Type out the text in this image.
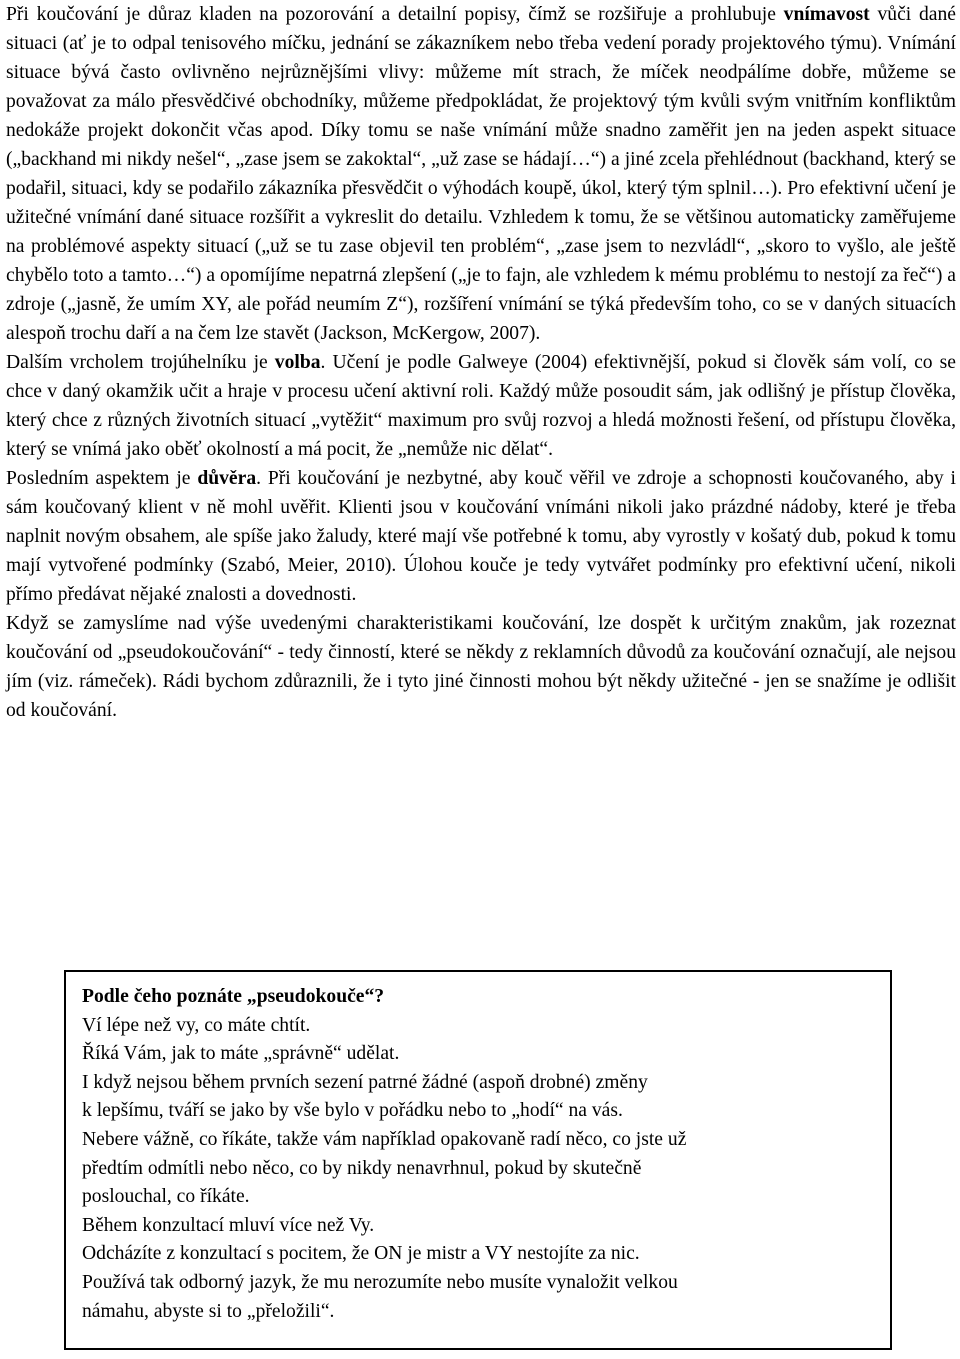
Při koučování je důraz kladen na pozorování a detailní popisy, čímž se rozšiřuje a prohlubuje vnímavost vůči dané situaci (ať je to odpal tenisového míčku, jednání se zákazníkem nebo třeba vedení porady projektového týmu). Vnímání situace bývá často ovlivněno nejrůznějšími vlivy: můžeme mít strach, že míček neodpálíme dobře, můžeme se považovat za málo přesvědčivé obchodníky, můžeme předpokládat, že projektový tým kvůli svým vnitřním konfliktům nedokáže projekt dokončit včas apod. Díky tomu se naše vnímání může snadno zaměřit jen na jeden aspekt situace („backhand mi nikdy nešel“, „zase jsem se zakoktal“, „už zase se hádají…“) a jiné zcela přehlédnout (backhand, který se podařil, situaci, kdy se podařilo zákazníka přesvědčit o výhodách koupě, úkol, který tým splnil…). Pro efektivní učení je užitečné vnímání dané situace rozšířit a vykreslit do detailu. Vzhledem k tomu, že se většinou automaticky zaměřujeme na problémové aspekty situací („už se tu zase objevil ten problém“, „zase jsem to nezvládl“, „skoro to vyšlo, ale ještě chybělo toto a tamto…“) a opomíjíme nepatrná zlepšení („je to fajn, ale vzhledem k mému problému to nestojí za řeč“) a zdroje („jasně, že umím XY, ale pořád neumím Z“), rozšíření vnímání se týká především toho, co se v daných situacích alespoň trochu daří a na čem lze stavět (Jackson, McKergow, 2007).

Dalším vrcholem trojúhelníku je volba. Učení je podle Galweye (2004) efektivnější, pokud si člověk sám volí, co se chce v daný okamžik učit a hraje v procesu učení aktivní roli. Každý může posoudit sám, jak odlišný je přístup člověka, který chce z různých životních situací „vytěžit“ maximum pro svůj rozvoj a hledá možnosti řešení, od přístupu člověka, který se vnímá jako oběť okolností a má pocit, že „nemůže nic dělat“.

Posledním aspektem je důvěra. Při koučování je nezbytné, aby kouč věřil ve zdroje a schopnosti koučovaného, aby i sám koučovaný klient v ně mohl uvěřit. Klienti jsou v koučování vnímáni nikoli jako prázdné nádoby, které je třeba naplnit novým obsahem, ale spíše jako žaludy, které mají vše potřebné k tomu, aby vyrostly v košatý dub, pokud k tomu mají vytvořené podmínky (Szabó, Meier, 2010). Úlohou kouče je tedy vytvářet podmínky pro efektivní učení, nikoli přímo předávat nějaké znalosti a dovednosti.

Když se zamyslíme nad výše uvedenými charakteristikami koučování, lze dospět k určitým znakům, jak rozeznat koučování od „pseudokoučování“ - tedy činností, které se někdy z reklamních důvodů za koučování označují, ale nejsou jím (viz. rámeček). Rádi bychom zdůraznili, že i tyto jiné činnosti mohou být někdy užitečné - jen se snažíme je odlišit od koučování.

Podle čeho poznáte „pseudokouče“?

Ví lépe než vy, co máte chtít.

Říká Vám, jak to máte „správně“ udělat.

I když nejsou během prvních sezení patrné žádné (aspoň drobné) změny

k lepšímu, tváří se jako by vše bylo v pořádku nebo to „hodí“ na vás.

Nebere vážně, co říkáte, takže vám například opakovaně radí něco, co jste už

předtím odmítli nebo něco, co by nikdy nenavrhnul, pokud by skutečně

poslouchal, co říkáte.

Během konzultací mluví více než Vy.

Odcházíte z konzultací s pocitem, že ON je mistr a VY nestojíte za nic.

Používá tak odborný jazyk, že mu nerozumíte nebo musíte vynaložit velkou

námahu, abyste si to „přeložili“.
